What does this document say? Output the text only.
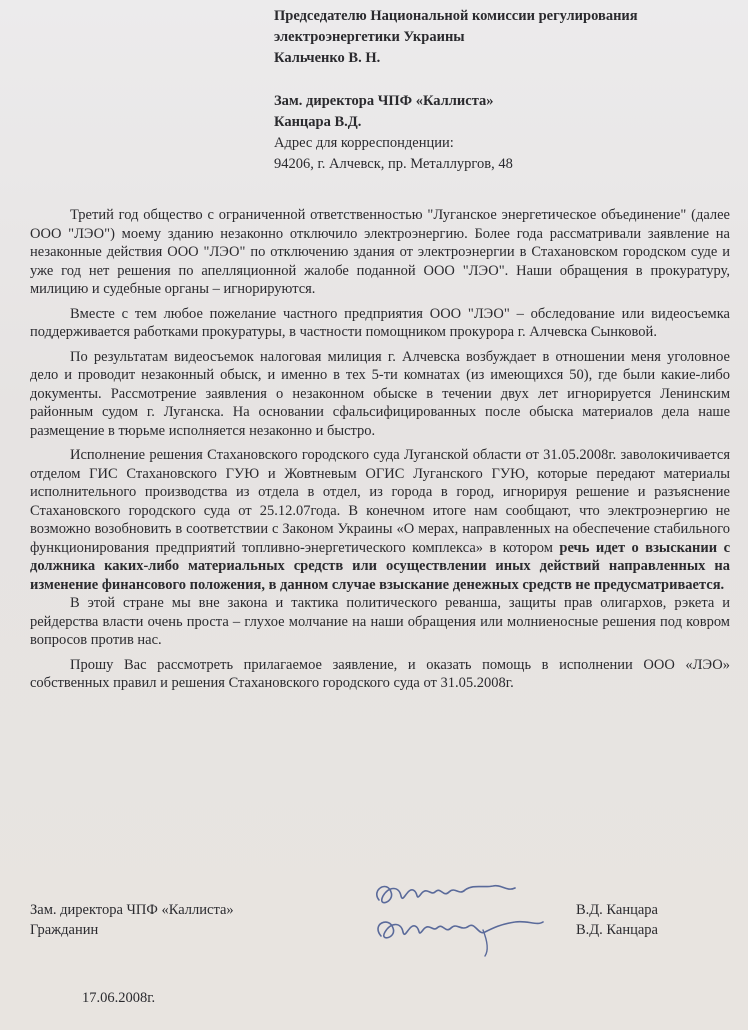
Председателю Национальной комиссии регулирования
электроэнергетики Украины
Кальченко В. Н.
Зам. директора ЧПФ «Каллиста»
Канцара В.Д.
Адрес для корреспонденции:
94206, г. Алчевск, пр. Металлургов, 48

Третий год общество с ограниченной ответственностью "Луганское энергетическое объединение" (далее ООО "ЛЭО") моему зданию незаконно отключило электроэнергию. Более года рассматривали заявление на незаконные действия ООО "ЛЭО" по отключению здания от электроэнергии в Стахановском городском суде и уже год нет решения по апелляционной жалобе поданной ООО "ЛЭО". Наши обращения в прокуратуру, милицию и судебные органы – игнорируются.

Вместе с тем любое пожелание частного предприятия ООО "ЛЭО" – обследование или видеосъемка поддерживается работками прокуратуры, в частности помощником прокурора г. Алчевска Сынковой.

По результатам видеосъемок налоговая милиция г. Алчевска возбуждает в отношении меня уголовное дело и проводит незаконный обыск, и именно в тех 5-ти комнатах (из имеющихся 50), где были какие-либо документы. Рассмотрение заявления о незаконном обыске в течении двух лет игнорируется Ленинским районным судом г. Луганска. На основании сфальсифицированных после обыска материалов дела наше размещение в тюрьме исполняется незаконно и быстро.

Исполнение решения Стахановского городского суда Луганской области от 31.05.2008г. заволокичивается отделом ГИС Стахановского ГУЮ и Жовтневым ОГИС Луганского ГУЮ, которые передают материалы исполнительного производства из отдела в отдел, из города в город, игнорируя решение и разъяснение Стахановского городского суда от 25.12.07года. В конечном итоге нам сообщают, что электроэнергию не возможно возобновить в соответствии с Законом Украины «О мерах, направленных на обеспечение стабильного функционирования предприятий топливно-энергетического комплекса» в котором речь идет о взыскании с должника каких-либо материальных средств или осуществлении иных действий направленных на изменение финансового положения, в данном случае взыскание денежных средств не предусматривается.

В этой стране мы вне закона и тактика политического реванша, защиты прав олигархов, рэкета и рейдерства власти очень проста – глухое молчание на наши обращения или молниеносные решения под ковром вопросов против нас.

Прошу Вас рассмотреть прилагаемое заявление, и оказать помощь в исполнении ООО «ЛЭО» собственных правил и решения Стахановского городского суда от 31.05.2008г.

Зам. директора ЧПФ «Каллиста»
Гражданин
В.Д. Канцара
В.Д. Канцара
17.06.2008г.
